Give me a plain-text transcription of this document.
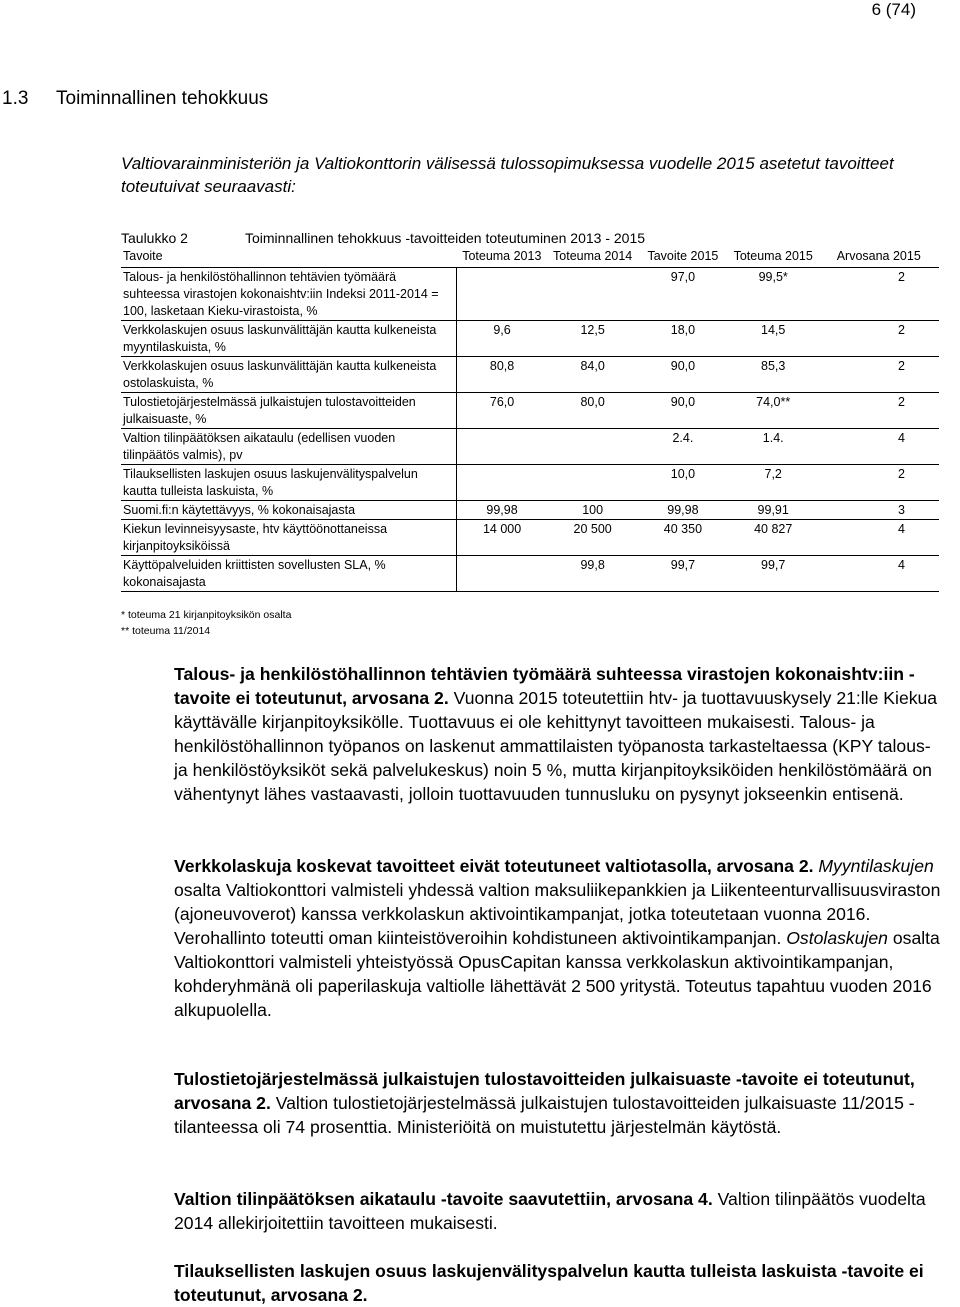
6 (74)
1.3 Toiminnallinen tehokkuus
Valtiovarainministeriön ja Valtiokonttorin välisessä tulossopimuksessa vuodelle 2015 asetetut tavoitteet toteutuivat seuraavasti:
Taulukko 2	Toiminnallinen tehokkuus -tavoitteiden toteutuminen 2013 - 2015
Tavoite	Toteuma 2013	Toteuma 2014	Tavoite 2015	Toteuma 2015	Arvosana 2015
Talous- ja henkilöstöhallinnon tehtävien työmäärä suhteessa virastojen kokonaishtv:iin Indeksi 2011-2014 = 100, lasketaan Kieku-virastoista, %			97,0	99,5*	2
Verkkolaskujen osuus laskunvälittäjän kautta kulkeneista myyntilaskuista, %	9,6	12,5	18,0	14,5	2
Verkkolaskujen osuus laskunvälittäjän kautta kulkeneista ostolaskuista, %	80,8	84,0	90,0	85,3	2
Tulostietojärjestelmässä julkaistujen tulostavoitteiden julkaisuaste, %	76,0	80,0	90,0	74,0**	2
Valtion tilinpäätöksen aikataulu (edellisen vuoden tilinpäätös valmis), pv			2.4.	1.4.	4
Tilauksellisten laskujen osuus laskujenvälityspalvelun kautta tulleista laskuista, %			10,0	7,2	2
Suomi.fi:n käytettävyys, % kokonaisajasta	99,98	100	99,98	99,91	3
Kiekun levinneisyysaste, htv käyttöönottaneissa kirjanpitoyksiköissä	14 000	20 500	40 350	40 827	4
Käyttöpalveluiden kriittisten sovellusten SLA, % kokonaisajasta		99,8	99,7	99,7	4
* toteuma 21 kirjanpitoyksikön osalta
** toteuma 11/2014
Talous- ja henkilöstöhallinnon tehtävien työmäärä suhteessa virastojen kokonaishtv:iin -tavoite ei toteutunut, arvosana 2. Vuonna 2015 toteutettiin htv- ja tuottavuuskysely 21:lle Kiekua käyttävälle kirjanpitoyksikölle. Tuottavuus ei ole kehittynyt tavoitteen mukaisesti. Talous- ja henkilöstöhallinnon työpanos on laskenut ammattilaisten työpanosta tarkasteltaessa (KPY talous- ja henkilöstöyksiköt sekä palvelukeskus) noin 5 %, mutta kirjanpitoyksiköiden henkilöstömäärä on vähentynyt lähes vastaavasti, jolloin tuottavuuden tunnusluku on pysynyt jokseenkin entisenä.
Verkkolaskuja koskevat tavoitteet eivät toteutuneet valtiotasolla, arvosana 2. Myyntilaskujen osalta Valtiokonttori valmisteli yhdessä valtion maksuliikepankkien ja Liikenteenturvallisuusviraston (ajoneuvoverot) kanssa verkkolaskun aktivointikampanjat, jotka toteutetaan vuonna 2016. Verohallinto toteutti oman kiinteistöveroihin kohdistuneen aktivointikampanjan. Ostolaskujen osalta Valtiokonttori valmisteli yhteistyössä OpusCapitan kanssa verkkolaskun aktivointikampanjan, kohderyhmänä oli paperilaskuja valtiolle lähettävät 2 500 yritystä. Toteutus tapahtuu vuoden 2016 alkupuolella.
Tulostietojärjestelmässä julkaistujen tulostavoitteiden julkaisuaste -tavoite ei toteutunut, arvosana 2. Valtion tulostietojärjestelmässä julkaistujen tulostavoitteiden julkaisuaste 11/2015 -tilanteessa oli 74 prosenttia. Ministeriöitä on muistutettu järjestelmän käytöstä.
Valtion tilinpäätöksen aikataulu -tavoite saavutettiin, arvosana 4. Valtion tilinpäätös vuodelta 2014 allekirjoitettiin tavoitteen mukaisesti.
Tilauksellisten laskujen osuus laskujenvälityspalvelun kautta tulleista laskuista -tavoite ei toteutunut, arvosana 2.
